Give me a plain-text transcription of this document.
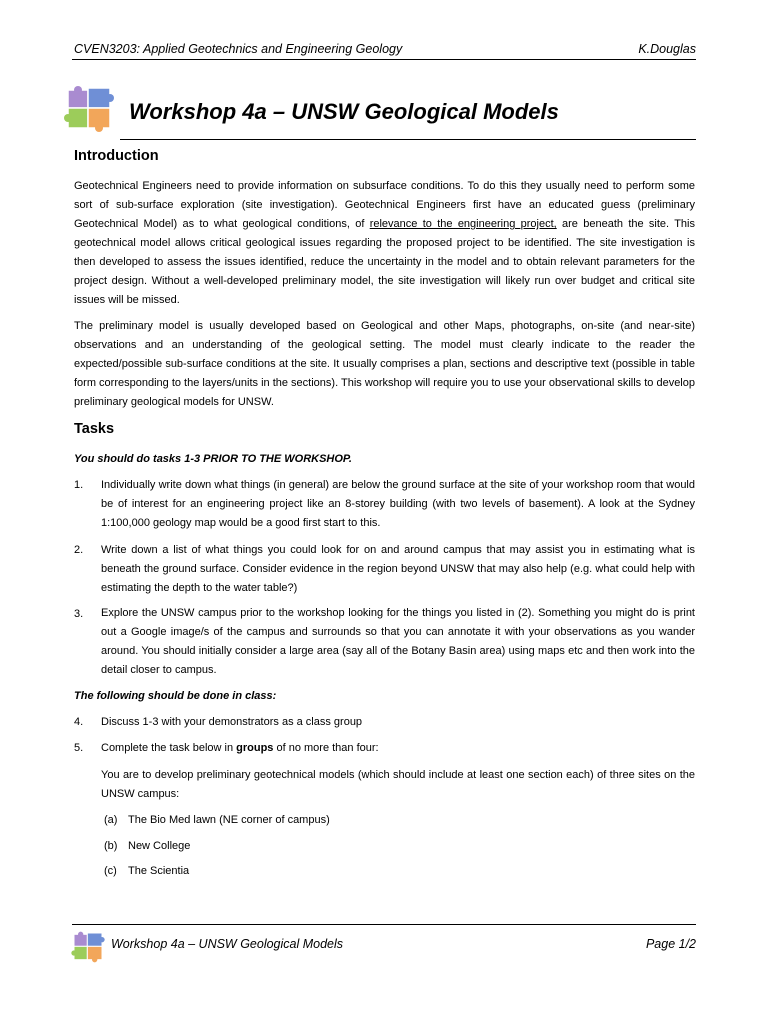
CVEN3203: Applied Geotechnics and Engineering Geology	K.Douglas
Workshop 4a – UNSW Geological Models
Introduction

Geotechnical Engineers need to provide information on subsurface conditions. To do this they usually need to perform some sort of sub-surface exploration (site investigation). Geotechnical Engineers first have an educated guess (preliminary Geotechnical Model) as to what geological conditions, of relevance to the engineering project, are beneath the site. This geotechnical model allows critical geological issues regarding the proposed project to be identified. The site investigation is then developed to assess the issues identified, reduce the uncertainty in the model and to obtain relevant parameters for the project design. Without a well-developed preliminary model, the site investigation will likely run over budget and critical site issues will be missed.

The preliminary model is usually developed based on Geological and other Maps, photographs, on-site (and near-site) observations and an understanding of the geological setting. The model must clearly indicate to the reader the expected/possible sub-surface conditions at the site. It usually comprises a plan, sections and descriptive text (possible in table form corresponding to the layers/units in the sections). This workshop will require you to use your observational skills to develop preliminary geological models for UNSW.

Tasks

You should do tasks 1-3 PRIOR TO THE WORKSHOP.

1. Individually write down what things (in general) are below the ground surface at the site of your workshop room that would be of interest for an engineering project like an 8-storey building (with two levels of basement). A look at the Sydney 1:100,000 geology map would be a good first start to this.

2. Write down a list of what things you could look for on and around campus that may assist you in estimating what is beneath the ground surface. Consider evidence in the region beyond UNSW that may also help (e.g. what could help with estimating the depth to the water table?)

3. Explore the UNSW campus prior to the workshop looking for the things you listed in (2). Something you might do is print out a Google image/s of the campus and surrounds so that you can annotate it with your observations as you wander around. You should initially consider a large area (say all of the Botany Basin area) using maps etc and then work into the detail closer to campus.

The following should be done in class:

4. Discuss 1-3 with your demonstrators as a class group

5. Complete the task below in groups of no more than four:

You are to develop preliminary geotechnical models (which should include at least one section each) of three sites on the UNSW campus:

(a) The Bio Med lawn (NE corner of campus)
(b) New College
(c) The Scientia
Workshop 4a – UNSW Geological Models	Page 1/2
